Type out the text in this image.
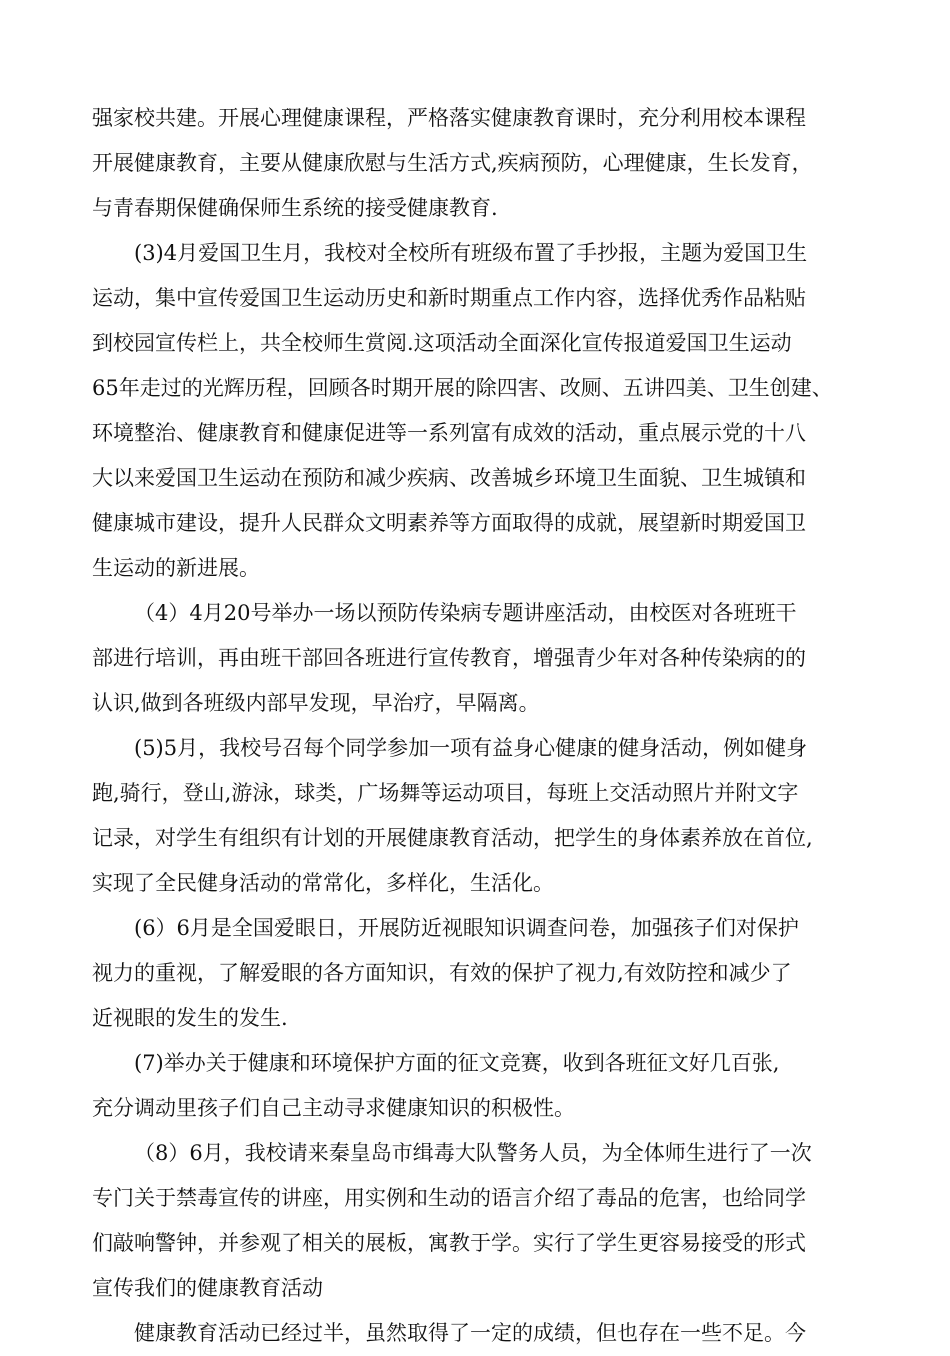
强家校共建。开展心理健康课程，严格落实健康教育课时，充分利用校本课程
开展健康教育，主要从健康欣慰与生活方式,疾病预防，心理健康，生长发育，
与青春期保健确保师生系统的接受健康教育.
(3)4月爱国卫生月，我校对全校所有班级布置了手抄报，主题为爱国卫生
运动，集中宣传爱国卫生运动历史和新时期重点工作内容，选择优秀作品粘贴
到校园宣传栏上，共全校师生赏阅.这项活动全面深化宣传报道爱国卫生运动
65年走过的光辉历程，回顾各时期开展的除四害、改厕、五讲四美、卫生创建、
环境整治、健康教育和健康促进等一系列富有成效的活动，重点展示党的十八
大以来爱国卫生运动在预防和减少疾病、改善城乡环境卫生面貌、卫生城镇和
健康城市建设，提升人民群众文明素养等方面取得的成就，展望新时期爱国卫
生运动的新进展。
（4）4月20号举办一场以预防传染病专题讲座活动，由校医对各班班干
部进行培训，再由班干部回各班进行宣传教育，增强青少年对各种传染病的的
认识,做到各班级内部早发现，早治疗，早隔离。
(5)5月，我校号召每个同学参加一项有益身心健康的健身活动，例如健身
跑,骑行，登山,游泳，球类，广场舞等运动项目，每班上交活动照片并附文字
记录，对学生有组织有计划的开展健康教育活动，把学生的身体素养放在首位,
实现了全民健身活动的常常化，多样化，生活化。
(6）6月是全国爱眼日，开展防近视眼知识调查问卷，加强孩子们对保护
视力的重视，了解爱眼的各方面知识，有效的保护了视力,有效防控和减少了
近视眼的发生的发生.
(7)举办关于健康和环境保护方面的征文竞赛，收到各班征文好几百张,
充分调动里孩子们自己主动寻求健康知识的积极性。
（8）6月，我校请来秦皇岛市缉毒大队警务人员，为全体师生进行了一次
专门关于禁毒宣传的讲座，用实例和生动的语言介绍了毒品的危害，也给同学
们敲响警钟，并参观了相关的展板，寓教于学。实行了学生更容易接受的形式
宣传我们的健康教育活动
健康教育活动已经过半，虽然取得了一定的成绩，但也存在一些不足。今
